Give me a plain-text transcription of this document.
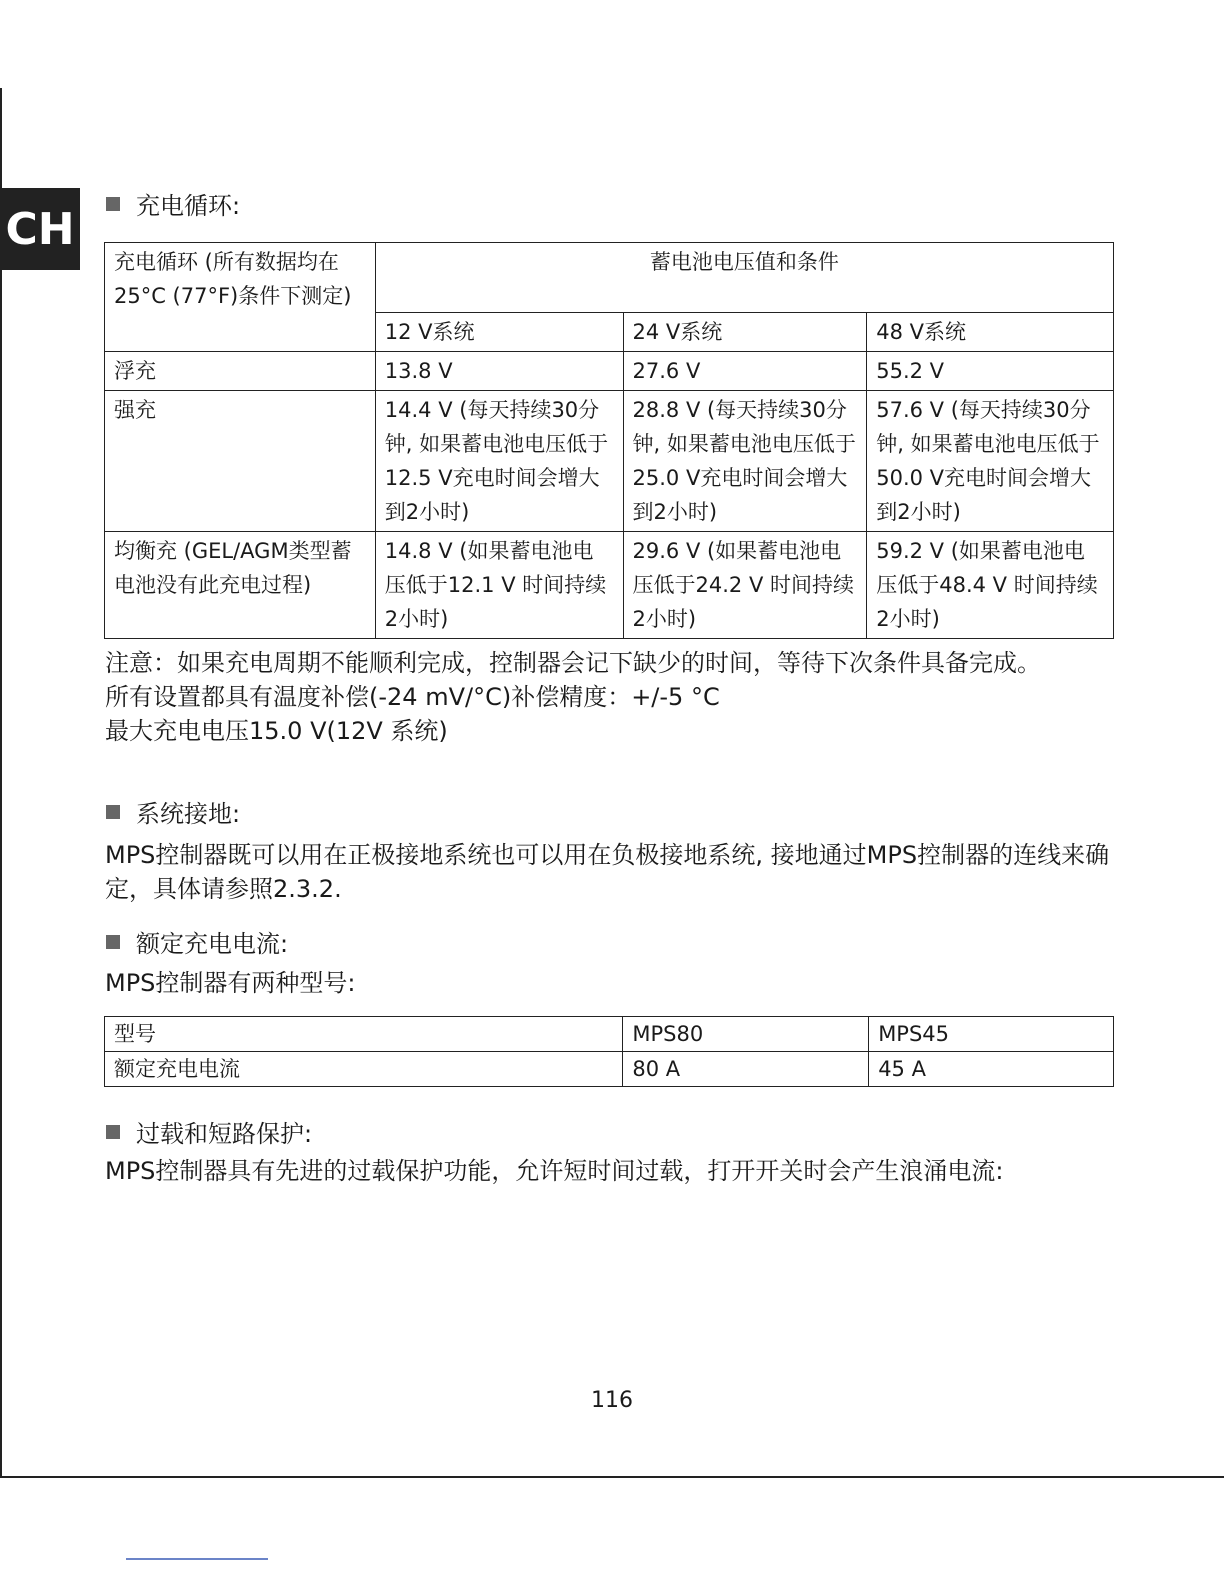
CH	充电循环:
充电循环 (所有数据均在25°C (77°F)条件下测定)	蓄电池电压值和条件		
	12 V系统	24 V系统	48 V系统
浮充	13.8 V	27.6 V	55.2 V
强充	14.4 V (每天持续30分钟, 如果蓄电池电压低于12.5 V充电时间会增大到2小时)	28.8 V (每天持续30分钟, 如果蓄电池电压低于25.0 V充电时间会增大到2小时)	57.6 V (每天持续30分钟, 如果蓄电池电压低于50.0 V充电时间会增大到2小时)
均衡充 (GEL/AGM类型蓄电池没有此充电过程)	14.8 V (如果蓄电池电压低于12.1 V 时间持续2小时)	29.6 V (如果蓄电池电压低于24.2 V 时间持续2小时)	59.2 V (如果蓄电池电压低于48.4 V 时间持续2小时)
注意：如果充电周期不能顺利完成，控制器会记下缺少的时间，等待下次条件具备完成。
所有设置都具有温度补偿(-24 mV/°C)补偿精度：+/-5 °C
最大充电电压15.0 V(12V 系统)
系统接地:
MPS控制器既可以用在正极接地系统也可以用在负极接地系统, 接地通过MPS控制器的连线来确定，具体请参照2.3.2.
额定充电电流:
MPS控制器有两种型号:
型号	MPS80	MPS45
额定充电电流	80 A	45 A
过载和短路保护:
MPS控制器具有先进的过载保护功能，允许短时间过载，打开开关时会产生浪涌电流:
116
